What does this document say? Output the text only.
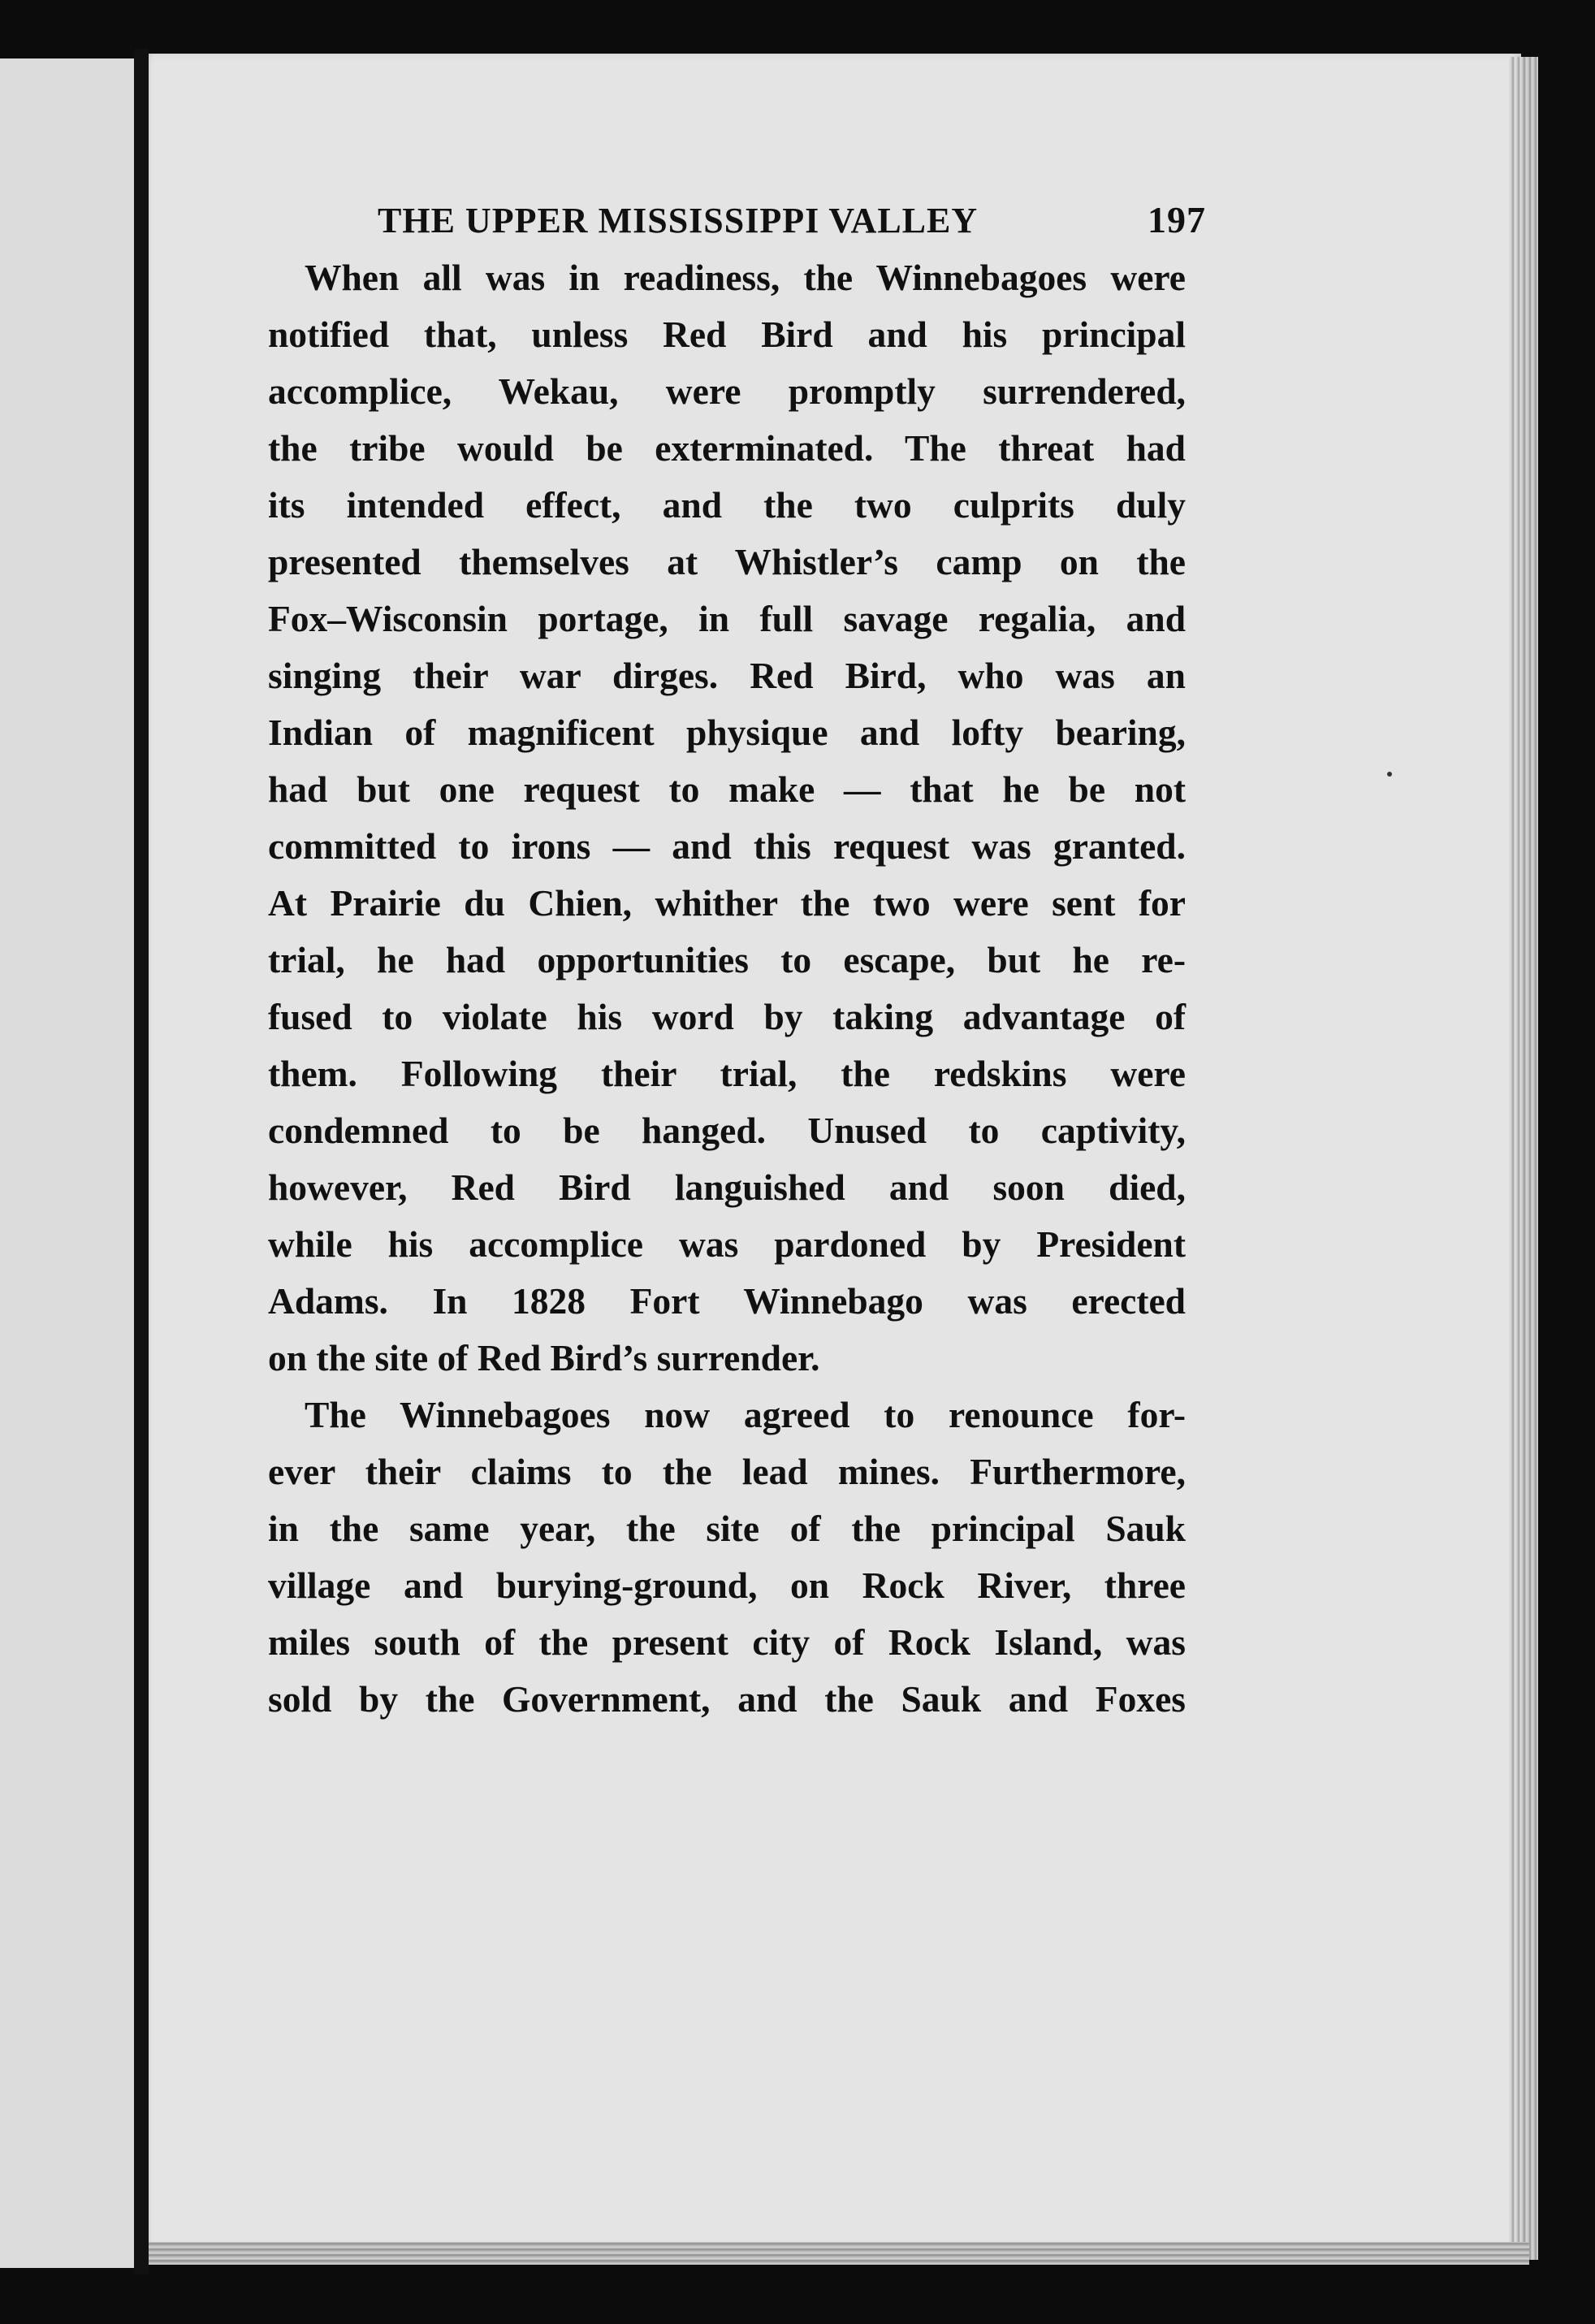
THE UPPER MISSISSIPPI VALLEY	197
When all was in readiness, the Winnebagoes were
notified that, unless Red Bird and his principal
accomplice, Wekau, were promptly surrendered,
the tribe would be exterminated. The threat had
its intended effect, and the two culprits duly
presented themselves at Whistler’s camp on the
Fox–Wisconsin portage, in full savage regalia, and
singing their war dirges. Red Bird, who was an
Indian of magnificent physique and lofty bearing,
had but one request to make — that he be not
committed to irons — and this request was granted.
At Prairie du Chien, whither the two were sent for
trial, he had opportunities to escape, but he re-
fused to violate his word by taking advantage of
them. Following their trial, the redskins were
condemned to be hanged. Unused to captivity,
however, Red Bird languished and soon died,
while his accomplice was pardoned by President
Adams. In 1828 Fort Winnebago was erected
on the site of Red Bird’s surrender.
The Winnebagoes now agreed to renounce for-
ever their claims to the lead mines. Furthermore,
in the same year, the site of the principal Sauk
village and burying-ground, on Rock River, three
miles south of the present city of Rock Island, was
sold by the Government, and the Sauk and Foxes
